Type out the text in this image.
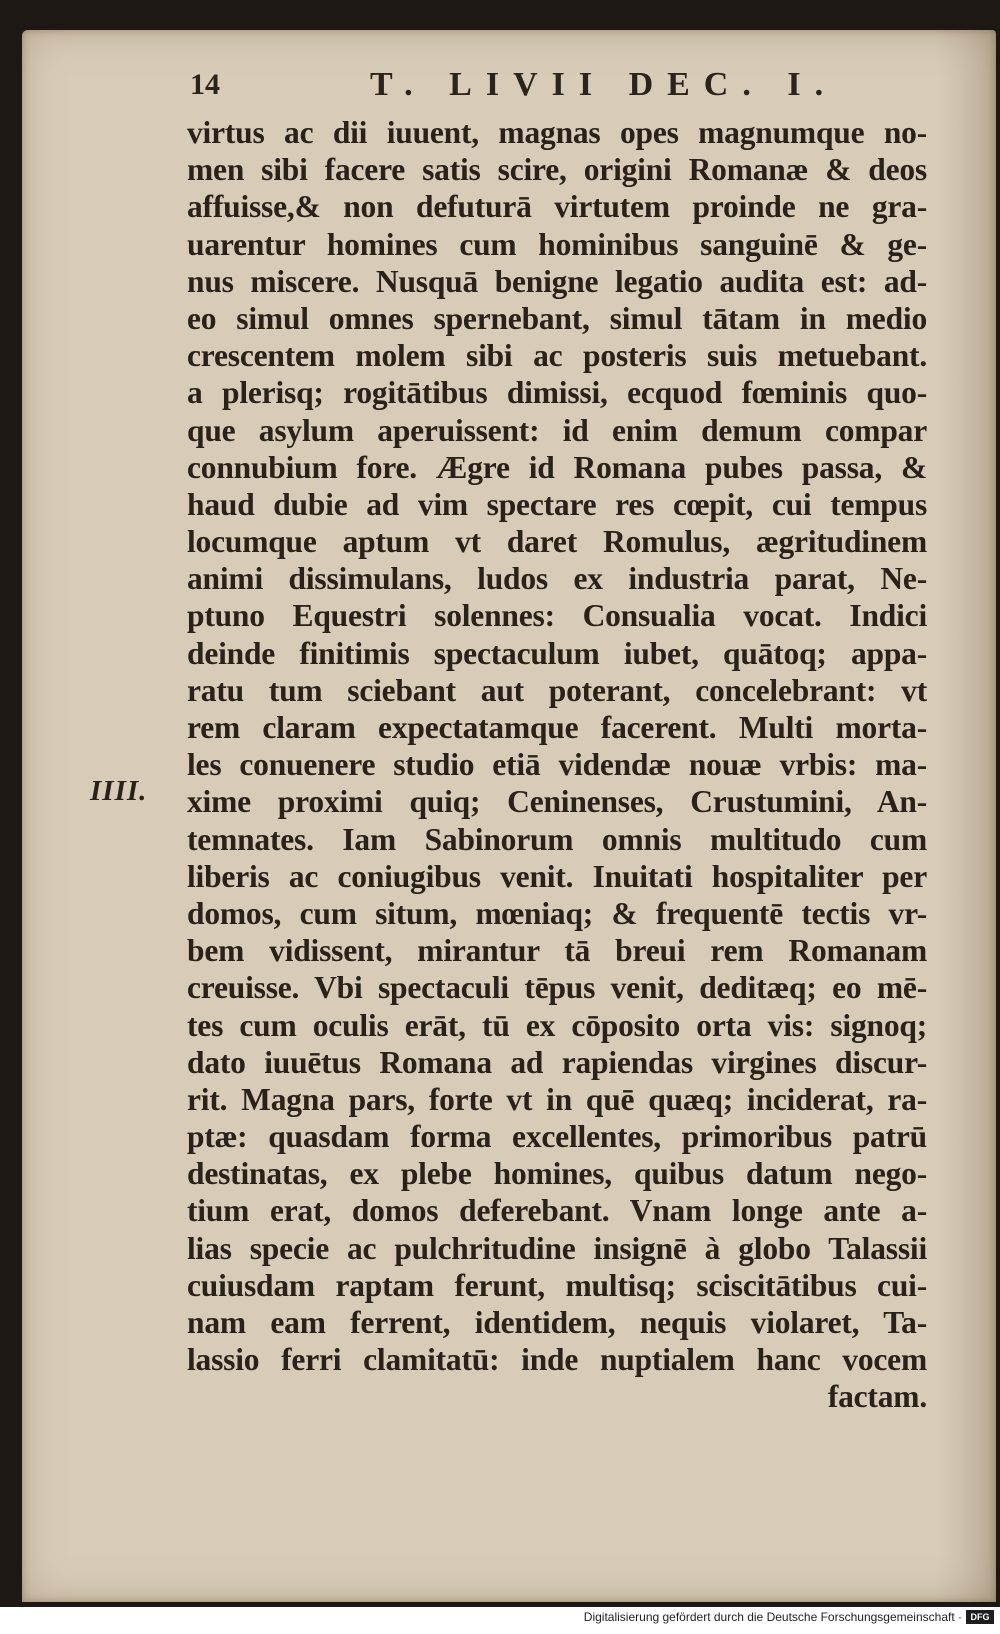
14	T. LIVII DEC. I.
IIII.
virtus ac dii iuuent, magnas opes magnumque no-
men sibi facere satis scire, origini Romanæ & deos
affuisse,& non defuturā virtutem proinde ne gra-
uarentur homines cum hominibus sanguinē & ge-
nus miscere. Nusquā benigne legatio audita est: ad-
eo simul omnes spernebant, simul tātam in medio
crescentem molem sibi ac posteris suis metuebant.
a plerisq; rogitātibus dimissi, ecquod fœminis quo-
que asylum aperuissent: id enim demum compar
connubium fore. Ægre id Romana pubes passa, &
haud dubie ad vim spectare res cœpit, cui tempus
locumque aptum vt daret Romulus, ægritudinem
animi dissimulans, ludos ex industria parat, Ne-
ptuno Equestri solennes: Consualia vocat. Indici
deinde finitimis spectaculum iubet, quātoq; appa-
ratu tum sciebant aut poterant, concelebrant: vt
rem claram expectatamque facerent. Multi morta-
les conuenere studio etiā videndæ nouæ vrbis: ma-
xime proximi quiq; Ceninenses, Crustumini, An-
temnates. Iam Sabinorum omnis multitudo cum
liberis ac coniugibus venit. Inuitati hospitaliter per
domos, cum situm, mœniaq; & frequentē tectis vr-
bem vidissent, mirantur tā breui rem Romanam
creuisse. Vbi spectaculi tēpus venit, deditæq; eo mē-
tes cum oculis erāt, tū ex cōposito orta vis: signoq;
dato iuuētus Romana ad rapiendas virgines discur-
rit. Magna pars, forte vt in quē quæq; inciderat, ra-
ptæ: quasdam forma excellentes, primoribus patrū
destinatas, ex plebe homines, quibus datum nego-
tium erat, domos deferebant. Vnam longe ante a-
lias specie ac pulchritudine insignē à globo Talassii
cuiusdam raptam ferunt, multisq; sciscitātibus cui-
nam eam ferrent, identidem, nequis violaret, Ta-
lassio ferri clamitatū: inde nuptialem hanc vocem
factam.
Digitalisierung gefördert durch die Deutsche Forschungsgemeinschaft · DFG
